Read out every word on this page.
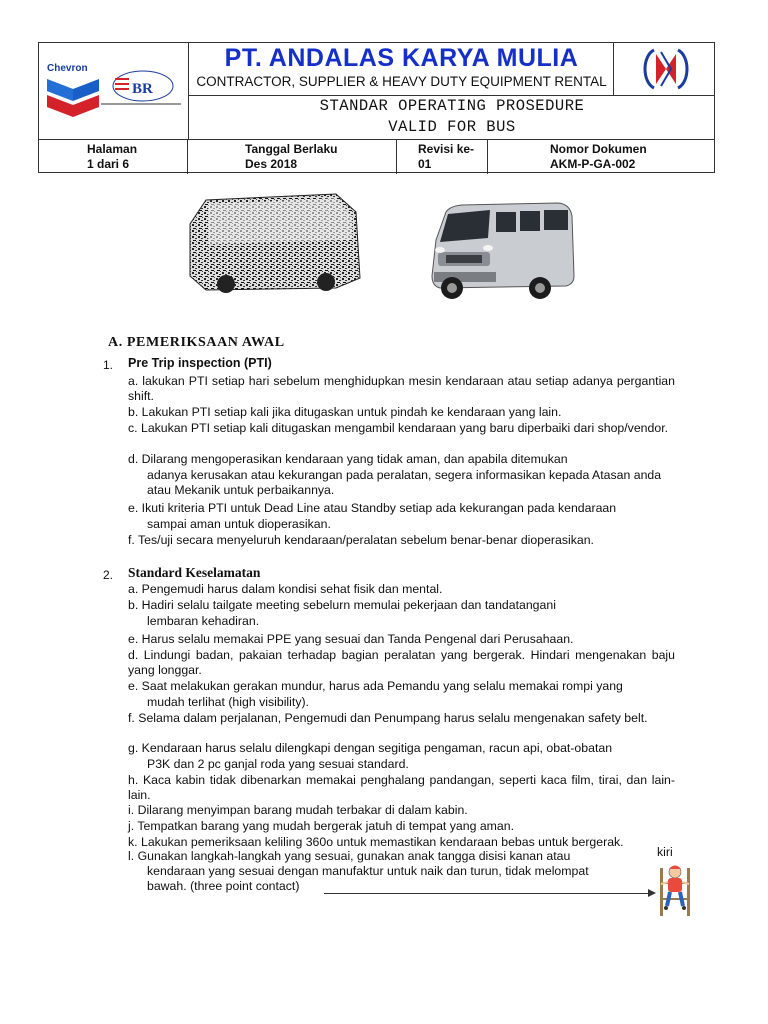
Chevron
BR
PT. ANDALAS KARYA MULIA
CONTRACTOR, SUPPLIER & HEAVY DUTY EQUIPMENT RENTAL
STANDAR OPERATING PROSEDURE
VALID FOR BUS
Halaman
1 dari 6
Tanggal Berlaku
Des 2018
Revisi ke-
01
Nomor Dokumen
AKM-P-GA-002
A. PEMERIKSAAN AWAL
1. Pre Trip inspection (PTI)
a. lakukan PTI setiap hari sebelum menghidupkan mesin kendaraan atau setiap adanya pergantian shift.
b. Lakukan PTI setiap kali jika ditugaskan untuk pindah ke kendaraan yang lain.
c. Lakukan PTI setiap kali ditugaskan mengambil kendaraan yang baru diperbaiki dari shop/vendor.
d. Dilarang mengoperasikan kendaraan yang tidak aman, dan apabila ditemukan
adanya kerusakan atau kekurangan pada peralatan, segera informasikan kepada Atasan anda atau Mekanik untuk perbaikannya.
e. Ikuti kriteria PTI untuk Dead Line atau Standby setiap ada kekurangan pada kendaraan
sampai aman untuk dioperasikan.
f. Tes/uji secara menyeluruh kendaraan/peralatan sebelum benar-benar dioperasikan.
2. Standard Keselamatan
a. Pengemudi harus dalam kondisi sehat fisik dan mental.
b. Hadiri selalu tailgate meeting sebelurn memulai pekerjaan dan tandatangani
lembaran kehadiran.
e. Harus selalu memakai PPE yang sesuai dan Tanda Pengenal dari Perusahaan.
d. Lindungi badan, pakaian terhadap bagian peralatan yang bergerak. Hindari mengenakan baju yang longgar.
e. Saat melakukan gerakan mundur, harus ada Pemandu yang selalu memakai rompi yang
mudah terlihat (high visibility).
f. Selama dalam perjalanan, Pengemudi dan Penumpang harus selalu mengenakan safety belt.
g. Kendaraan harus selalu dilengkapi dengan segitiga pengaman, racun api, obat-obatan
P3K dan 2 pc ganjal roda yang sesuai standard.
h. Kaca kabin tidak dibenarkan memakai penghalang pandangan, seperti kaca film, tirai, dan lain-lain.
i. Dilarang menyimpan barang mudah terbakar di dalam kabin.
j. Tempatkan barang yang mudah bergerak jatuh di tempat yang aman.
k. Lakukan pemeriksaan keliling 360o untuk memastikan kendaraan bebas untuk bergerak.
l. Gunakan langkah-langkah yang sesuai, gunakan anak tangga disisi kanan atau
kendaraan yang sesuai dengan manufaktur untuk naik dan turun, tidak melompat
bawah. (three point contact)
kiri
